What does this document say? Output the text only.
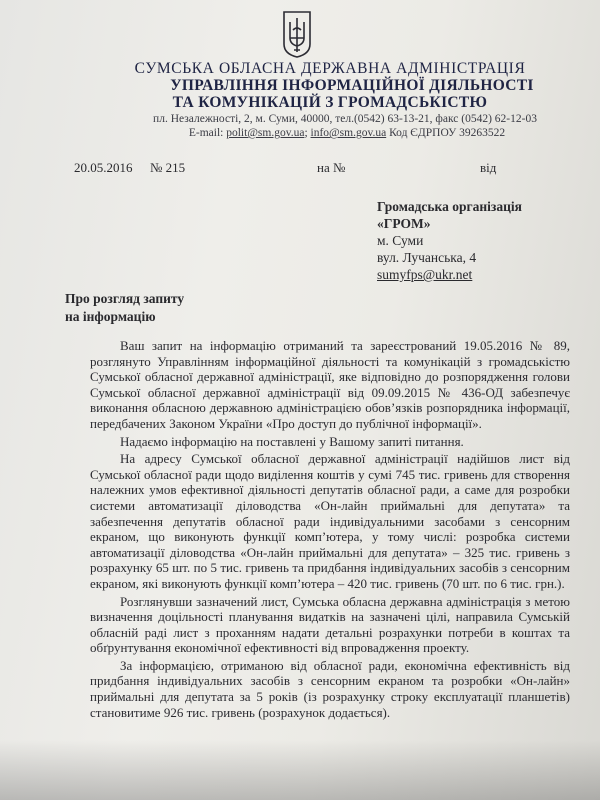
СУМСЬКА ОБЛАСНА ДЕРЖАВНА АДМІНІСТРАЦІЯ
УПРАВЛІННЯ ІНФОРМАЦІЙНОЇ ДІЯЛЬНОСТІ
ТА КОМУНІКАЦІЙ З ГРОМАДСЬКІСТЮ
пл. Незалежності, 2, м. Суми, 40000, тел.(0542) 63-13-21, факс (0542) 62-12-03
E-mail: polit@sm.gov.ua; info@sm.gov.ua Код ЄДРПОУ 39263522
20.05.2016 № 215	на №	від
Громадська організація
«ГРОМ»
м. Суми
вул. Лучанська, 4
sumyfps@ukr.net
Про розгляд запиту
на інформацію

Ваш запит на інформацію отриманий та зареєстрований 19.05.2016 № 89, розглянуто Управлінням інформаційної діяльності та комунікацій з громадськістю Сумської обласної державної адміністрації, яке відповідно до розпорядження голови Сумської обласної державної адміністрації від 09.09.2015 № 436-ОД забезпечує виконання обласною державною адміністрацією обов’язків розпорядника інформації, передбачених Законом України «Про доступ до публічної інформації».

Надаємо інформацію на поставлені у Вашому запиті питання.

На адресу Сумської обласної державної адміністрації надійшов лист від Сумської обласної ради щодо виділення коштів у сумі 745 тис. гривень для створення належних умов ефективної діяльності депутатів обласної ради, а саме для розробки системи автоматизації діловодства «Он-лайн приймальні для депутата» та забезпечення депутатів обласної ради індивідуальними засобами з сенсорним екраном, що виконують функції комп’ютера, у тому числі: розробка системи автоматизації діловодства «Он-лайн приймальні для депутата» – 325 тис. гривень з розрахунку 65 шт. по 5 тис. гривень та придбання індивідуальних засобів з сенсорним екраном, які виконують функції комп’ютера – 420 тис. гривень (70 шт. по 6 тис. грн.).

Розглянувши зазначений лист, Сумська обласна державна адміністрація з метою визначення доцільності планування видатків на зазначені цілі, направила Сумській обласній раді лист з проханням надати детальні розрахунки потреби в коштах та обґрунтування економічної ефективності від впровадження проекту.

За інформацією, отриманою від обласної ради, економічна ефективність від придбання індивідуальних засобів з сенсорним екраном та розробки «Он-лайн» приймальні для депутата за 5 років (із розрахунку строку експлуатації планшетів) становитиме 926 тис. гривень (розрахунок додається).
